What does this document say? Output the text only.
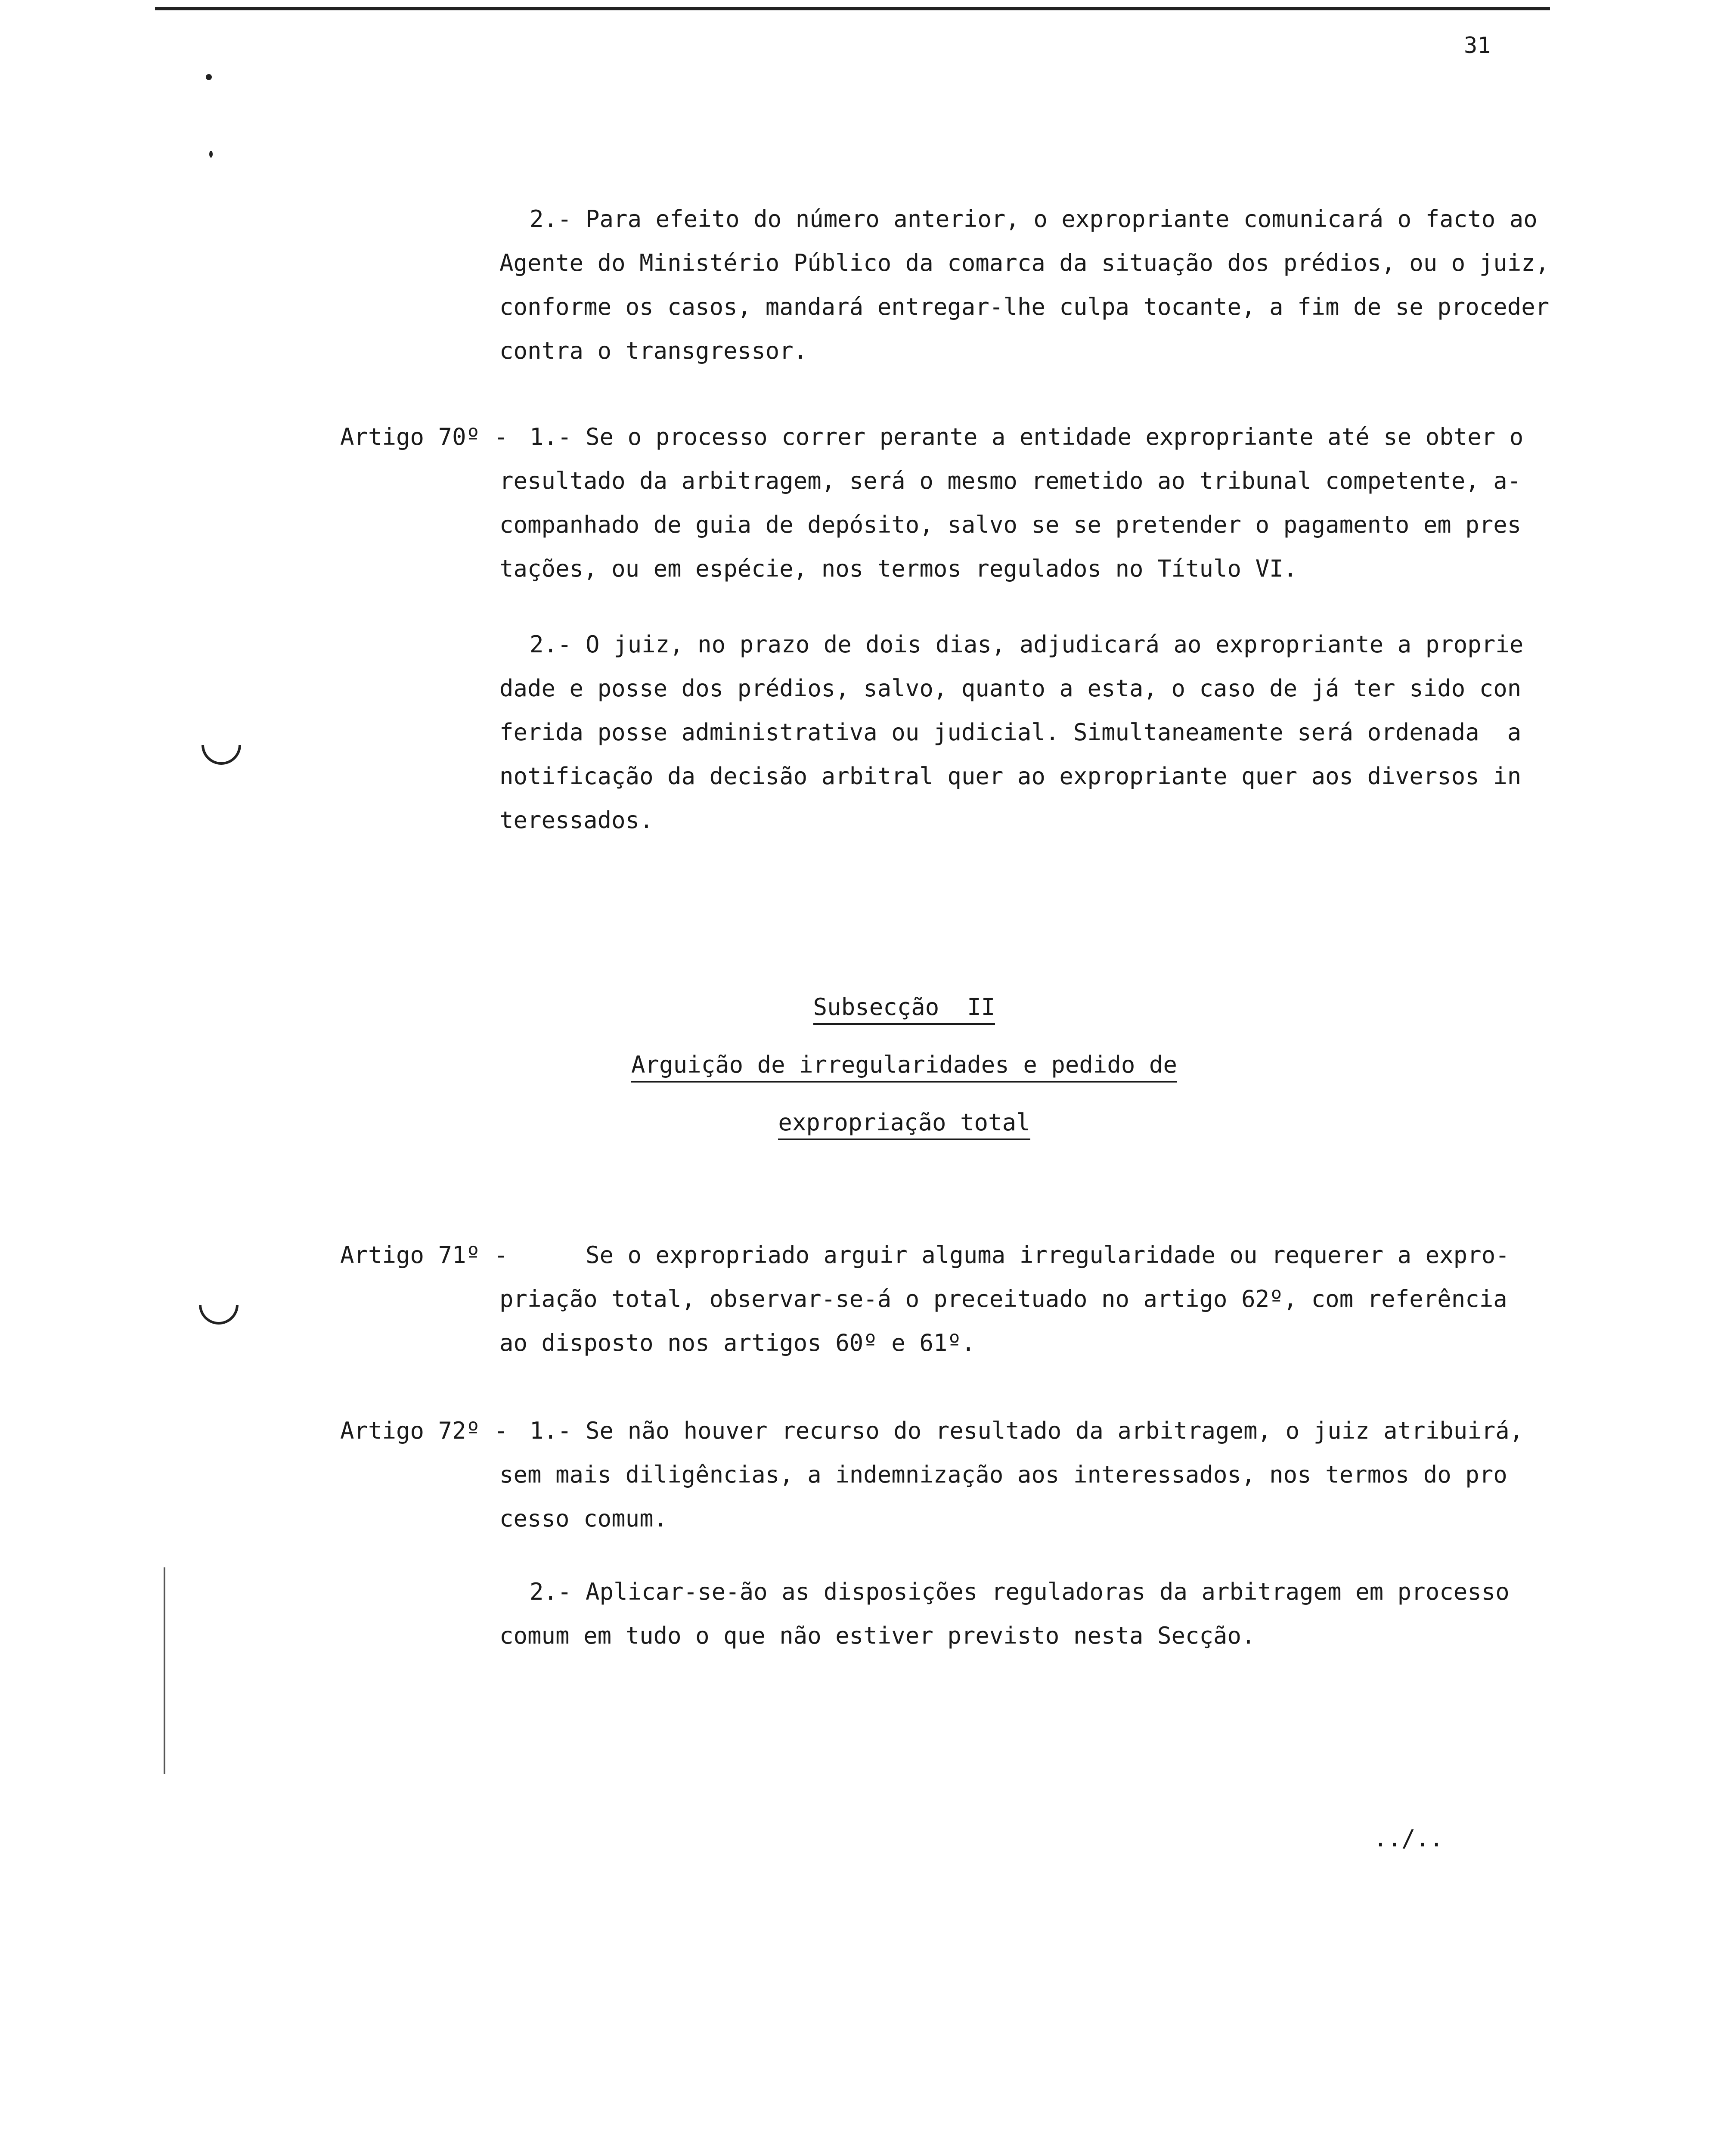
31
2.- Para efeito do número anterior, o expropriante comunicará o facto ao
Agente do Ministério Público da comarca da situação dos prédios, ou o juiz,
conforme os casos, mandará entregar-lhe culpa tocante, a fim de se proceder
contra o transgressor.
Artigo 70º - 1.- Se o processo correr perante a entidade expropriante até se obter o
resultado da arbitragem, será o mesmo remetido ao tribunal competente, a-
companhado de guia de depósito, salvo se se pretender o pagamento em pres
tações, ou em espécie, nos termos regulados no Título VI.
2.- O juiz, no prazo de dois dias, adjudicará ao expropriante a proprie
dade e posse dos prédios, salvo, quanto a esta, o caso de já ter sido con
ferida posse administrativa ou judicial. Simultaneamente será ordenada  a
notificação da decisão arbitral quer ao expropriante quer aos diversos in
teressados.
Subsecção  II
Arguição de irregularidades e pedido de
expropriação total
Artigo 71º -	Se o expropriado arguir alguma irregularidade ou requerer a expro-
priação total, observar-se-á o preceituado no artigo 62º, com referência
ao disposto nos artigos 60º e 61º.
Artigo 72º - 1.- Se não houver recurso do resultado da arbitragem, o juiz atribuirá,
sem mais diligências, a indemnização aos interessados, nos termos do pro
cesso comum.
2.- Aplicar-se-ão as disposições reguladoras da arbitragem em processo
comum em tudo o que não estiver previsto nesta Secção.
../..
